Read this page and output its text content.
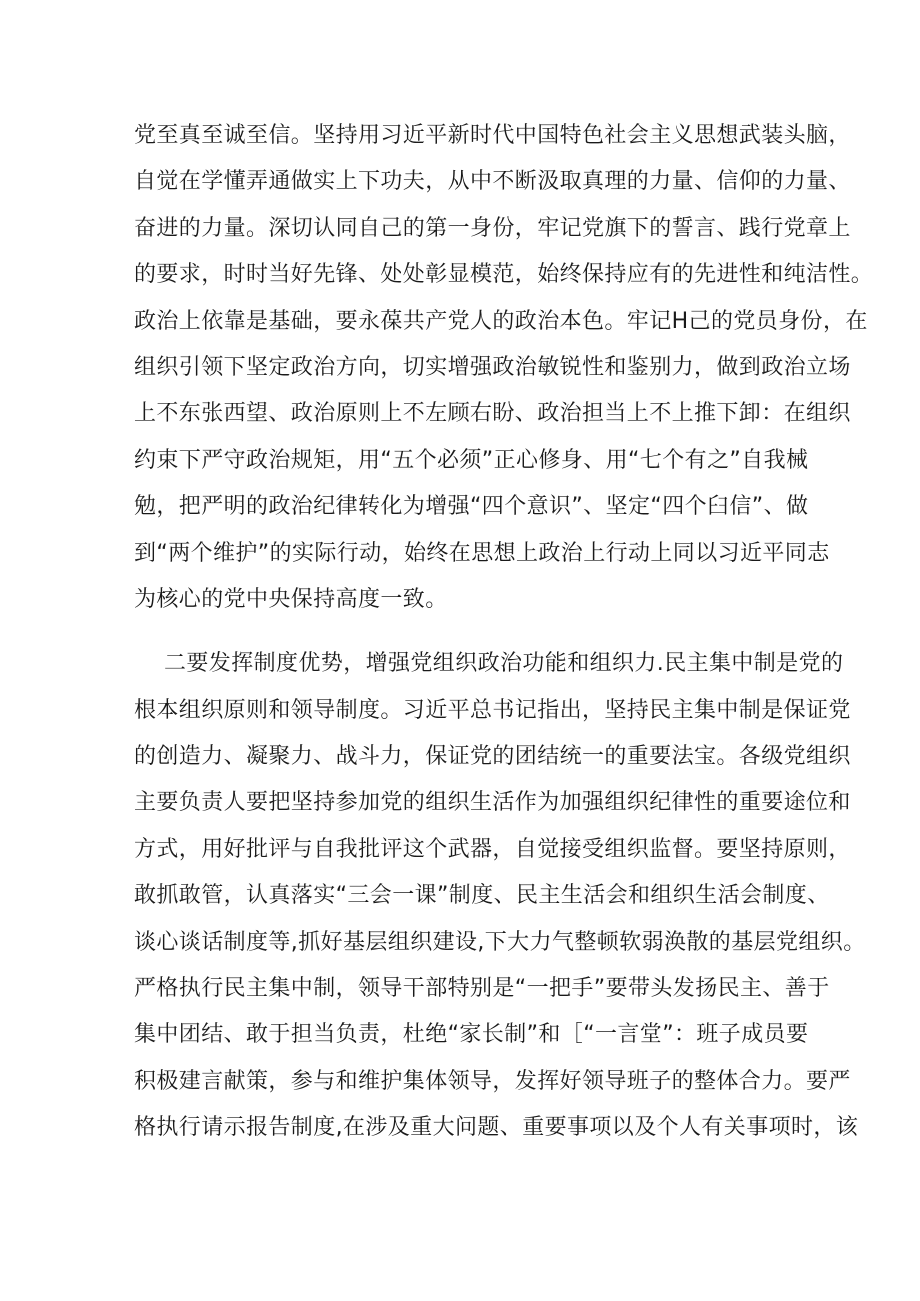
党至真至诚至信。坚持用习近平新时代中国特色社会主义思想武装头脑，
自觉在学懂弄通做实上下功夫，从中不断汲取真理的力量、信仰的力量、
奋进的力量。深切认同自己的第一身份，牢记党旗下的誓言、践行党章上
的要求，时时当好先锋、处处彰显模范，始终保持应有的先进性和纯洁性。
政治上依靠是基础，要永葆共产党人的政治本色。牢记H己的党员身份，在
组织引领下坚定政治方向，切实增强政治敏锐性和鉴别力，做到政治立场
上不东张西望、政治原则上不左顾右盼、政治担当上不上推下卸：在组织
约束下严守政治规矩，用“五个必须”正心修身、用“七个有之”自我械
勉，把严明的政治纪律转化为增强“四个意识”、坚定“四个臼信”、做
到“两个维护”的实际行动，始终在思想上政治上行动上同以习近平同志
为核心的党中央保持高度一致。
二要发挥制度优势，增强党组织政治功能和组织力.民主集中制是党的
根本组织原则和领导制度。习近平总书记指出，坚持民主集中制是保证党
的创造力、凝聚力、战斗力，保证党的团结统一的重要法宝。各级党组织
主要负责人要把坚持参加党的组织生活作为加强组织纪律性的重要途位和
方式，用好批评与自我批评这个武器，自觉接受组织监督。要坚持原则，
敢抓敢管，认真落实“三会一课”制度、民主生活会和组织生活会制度、
谈心谈话制度等,抓好基层组织建设,下大力气整顿软弱涣散的基层党组织。
严格执行民主集中制，领导干部特别是“一把手”要带头发扬民主、善于
集中团结、敢于担当负责，杜绝“家长制”和［“一言堂”：班子成员要
积极建言献策，参与和维护集体领导，发挥好领导班子的整体合力。要严
格执行请示报告制度,在涉及重大问题、重要事项以及个人有关事项时，该
